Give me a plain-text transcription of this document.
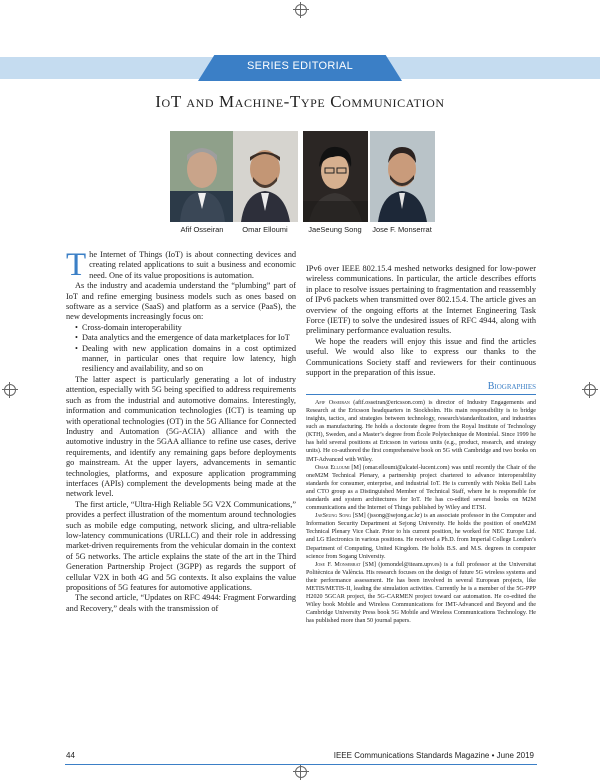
SERIES EDITORIAL
IoT and Machine-Type Communication
Afif Osseiran	Omar Elloumi	JaeSeung Song	Jose F. Monserrat

The Internet of Things (IoT) is about connecting devices and creating related applications to suit a business and economic need. One of its value propositions is automation.

As the industry and academia understand the “plumbing” part of IoT and refine emerging business models such as ones based on software as a service (SaaS) and platform as a service (PaaS), the new developments increasingly focus on:

• Cross-domain interoperability
• Data analytics and the emergence of data marketplaces for IoT
• Dealing with new application domains in a cost optimized manner, in particular ones that require low latency, high resiliency and availability, and so on

The latter aspect is particularly generating a lot of industry attention, especially with 5G being specified to address requirements such as from the industrial and automotive domains. Interestingly, information and communication technologies (ICT) is teaming up with operational technologies (OT) in the 5G Alliance for Connected Industry and Automation (5G-ACIA) alliance and with the automotive industry in the 5GAA alliance to refine use cases, derive requirements, and identify any remaining gaps before deployments go mainstream. At the upper layers, advancements in semantic technologies, platforms, and exposure application programming interfaces (APIs) complement the developments being made at the network level.

The first article, “Ultra-High Reliable 5G V2X Communications,” provides a perfect illustration of the momentum around technologies such as mobile edge computing, network slicing, and ultra-reliable low-latency communications (URLLC) and their role in addressing market-driven requirements from the vehicular domain in the context of 5G networks. The article explains the state of the art in the Third Generation Partnership Project (3GPP) as regards the support of cellular V2X in both 4G and 5G contexts. It also explains the value propositions of 5G features for automotive applications.

The second article, “Updates on RFC 4944: Fragment Forwarding and Recovery,” deals with the transmission of

IPv6 over IEEE 802.15.4 meshed networks designed for low-power wireless communications. In particular, the article describes efforts in place to resolve issues pertaining to fragmentation and reassembly of IPv6 packets when transmitted over 802.15.4. The article gives an overview of the ongoing efforts at the Internet Engineering Task Force (IETF) to solve the undesired issues of RFC 4944, along with preliminary performance evaluation results.

We hope the readers will enjoy this issue and find the articles useful. We would also like to express our thanks to the Communications Society staff and reviewers for their continuous support in the preparation of this issue.

Biographies

Afif Osseiran (afif.osseiran@ericsson.com) is director of Industry Engagements and Research at the Ericsson headquarters in Stockholm. His main responsibility is to bridge insights, tactics, and strategies between technology, research/standardization, and industries such as manufacturing. He holds a doctorate degree from the Royal Institute of Technology (KTH), Sweden, and a Master’s degree from École Polytechnique de Montréal. Since 1999 he has held several positions at Ericsson in various units (e.g., product, research, and strategy units). He co-authored the first comprehensive book on 5G with Cambridge and two books on IMT-Advanced with Wiley.

Omar Elloumi [M] (omar.elloumi@alcatel-lucent.com) was until recently the Chair of the oneM2M Technical Plenary, a partnership project chartered to advance interoperability standards for consumer, enterprise, and industrial IoT. He is currently with Nokia Bell Labs and CTO group as a Distinguished Member of Technical Staff, where he is responsible for standards and system architectures for IoT. He has co-edited several books on M2M communications and the Internet of Things published by Wiley and ETSI.

JaeSeung Song [SM] (jssong@sejong.ac.kr) is an associate professor in the Computer and Information Security Department at Sejong University. He holds the position of oneM2M Technical Plenary Vice Chair. Prior to his current position, he worked for NEC Europe Ltd. and LG Electronics in various positions. He received a Ph.D. from Imperial College London’s Department of Computing, United Kingdom. He holds B.S. and M.S. degrees in computer science from Sogang University.

Jose F. Monserrat [SM] (jomondel@iteam.upv.es) is a full professor at the Universitat Politècnica de València. His research focuses on the design of future 5G wireless systems and their performance assessment. He has been involved in several European projects, like METIS/METIS-II, leading the simulation activities. Currently he is a member of the 5G-PPP H2020 5GCAR project, the 5G-CARMEN project toward car automation. He co-edited the Wiley book Mobile and Wireless Communications for IMT-Advanced and Beyond and the Cambridge University Press book 5G Mobile and Wireless Communications Technology. He has published more than 50 journal papers.

44	IEEE Communications Standards Magazine • June 2019
